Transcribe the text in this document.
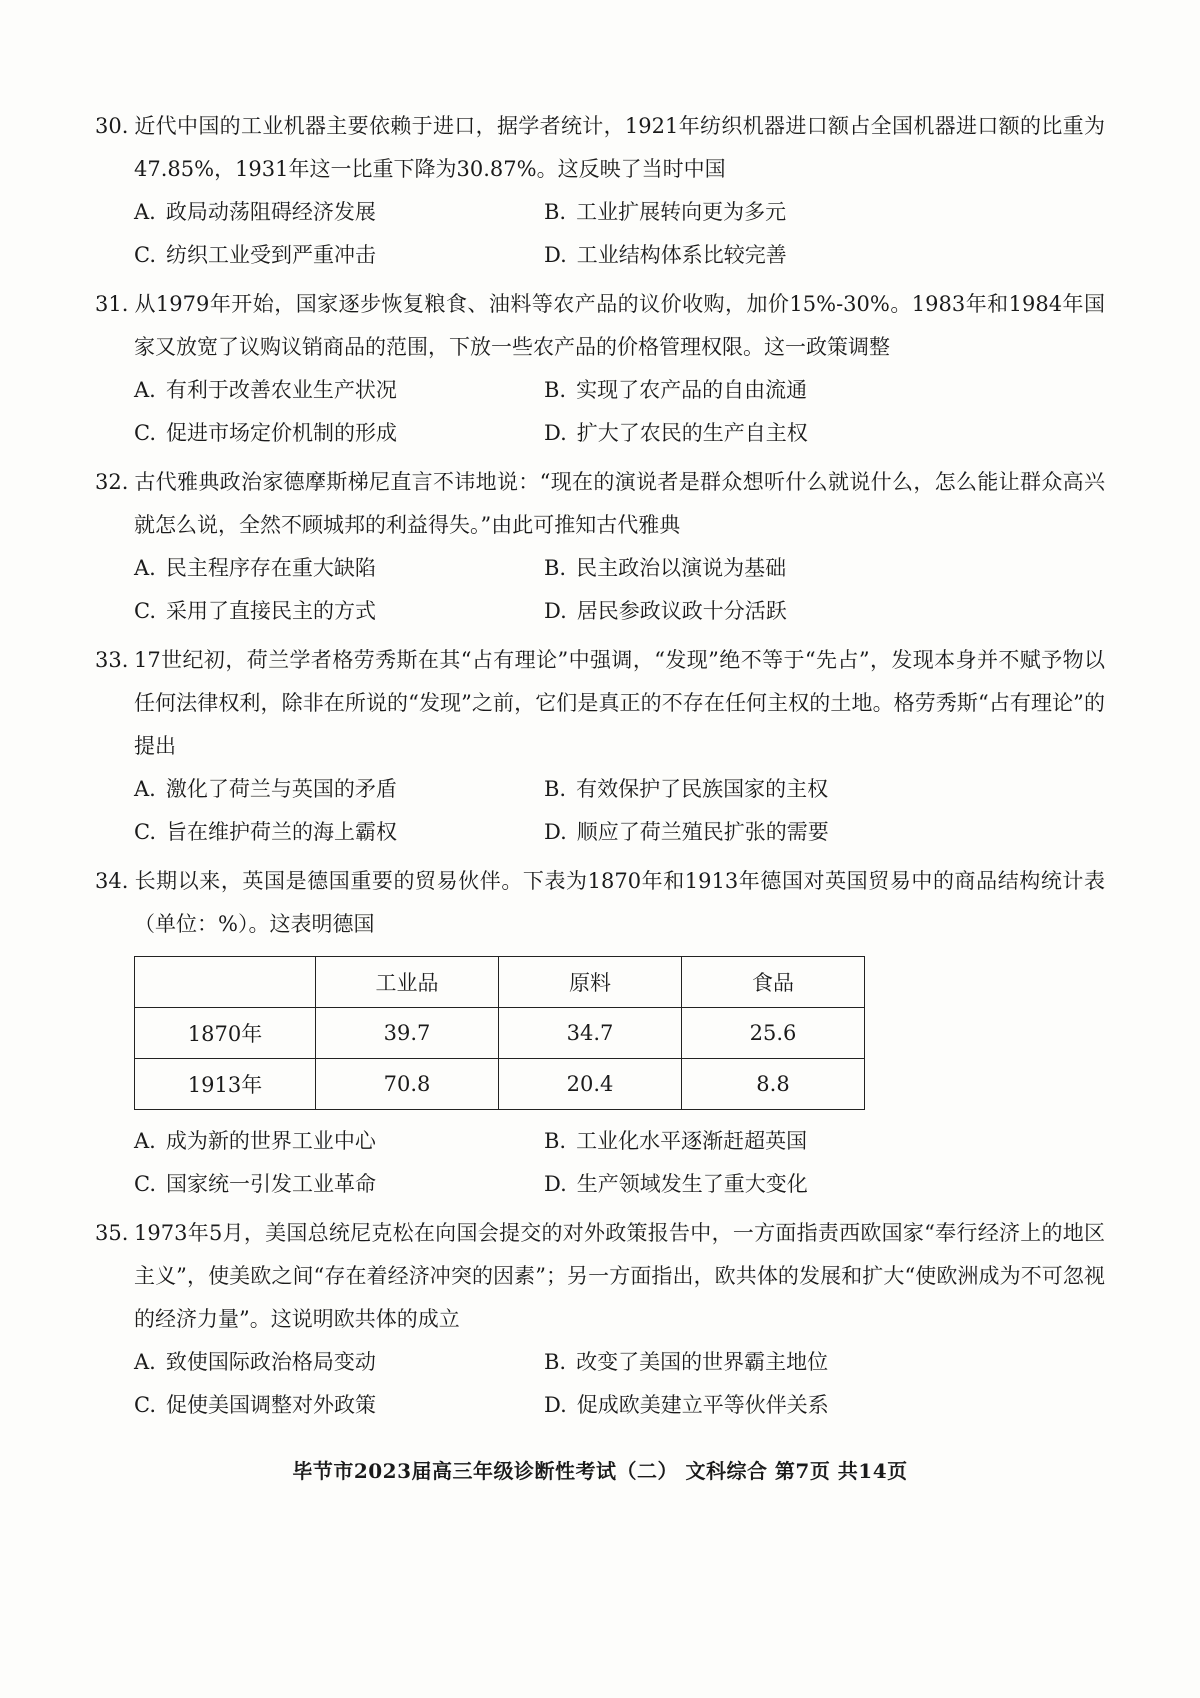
30. 近代中国的工业机器主要依赖于进口，据学者统计，1921年纺织机器进口额占全国机器进口额的比重为47.85%，1931年这一比重下降为30.87%。这反映了当时中国
A. 政局动荡阻碍经济发展	B. 工业扩展转向更为多元
C. 纺织工业受到严重冲击	D. 工业结构体系比较完善
31. 从1979年开始，国家逐步恢复粮食、油料等农产品的议价收购，加价15%-30%。1983年和1984年国家又放宽了议购议销商品的范围，下放一些农产品的价格管理权限。这一政策调整
A. 有利于改善农业生产状况	B. 实现了农产品的自由流通
C. 促进市场定价机制的形成	D. 扩大了农民的生产自主权
32. 古代雅典政治家德摩斯梯尼直言不讳地说：“现在的演说者是群众想听什么就说什么，怎么能让群众高兴就怎么说，全然不顾城邦的利益得失。”由此可推知古代雅典
A. 民主程序存在重大缺陷	B. 民主政治以演说为基础
C. 采用了直接民主的方式	D. 居民参政议政十分活跃
33. 17世纪初，荷兰学者格劳秀斯在其“占有理论”中强调，“发现”绝不等于“先占”，发现本身并不赋予物以任何法律权利，除非在所说的“发现”之前，它们是真正的不存在任何主权的土地。格劳秀斯“占有理论”的提出
A. 激化了荷兰与英国的矛盾	B. 有效保护了民族国家的主权
C. 旨在维护荷兰的海上霸权	D. 顺应了荷兰殖民扩张的需要
34. 长期以来，英国是德国重要的贸易伙伴。下表为1870年和1913年德国对英国贸易中的商品结构统计表（单位：%）。这表明德国
	工业品	原料	食品
1870年	39.7	34.7	25.6
1913年	70.8	20.4	8.8
A. 成为新的世界工业中心	B. 工业化水平逐渐赶超英国
C. 国家统一引发工业革命	D. 生产领域发生了重大变化
35. 1973年5月，美国总统尼克松在向国会提交的对外政策报告中，一方面指责西欧国家“奉行经济上的地区主义”，使美欧之间“存在着经济冲突的因素”；另一方面指出，欧共体的发展和扩大“使欧洲成为不可忽视的经济力量”。这说明欧共体的成立
A. 致使国际政治格局变动	B. 改变了美国的世界霸主地位
C. 促使美国调整对外政策	D. 促成欧美建立平等伙伴关系
毕节市2023届高三年级诊断性考试（二） 文科综合 第7页 共14页
